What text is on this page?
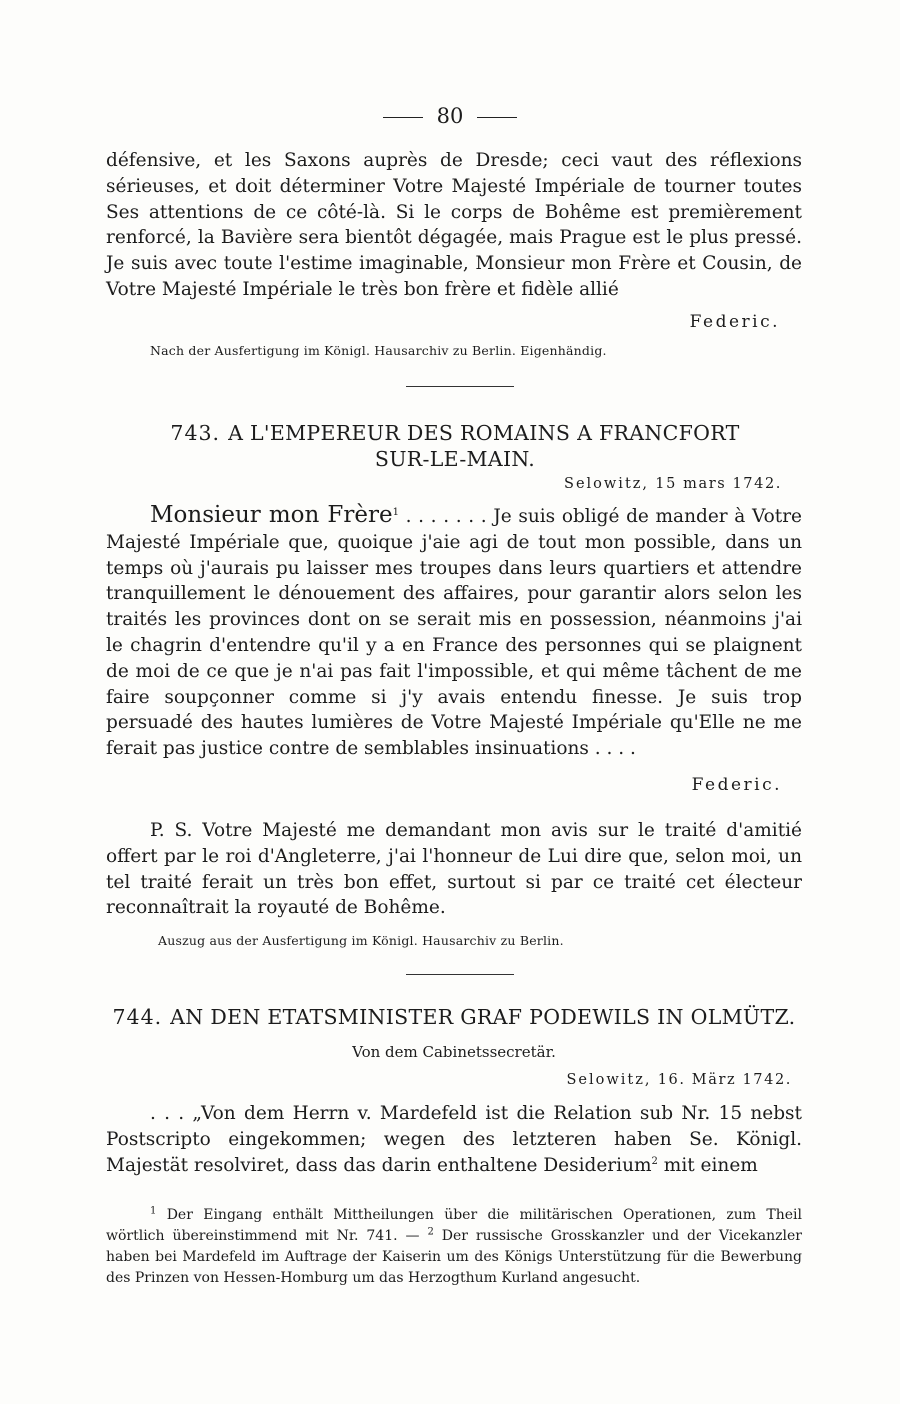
80

défensive, et les Saxons auprès de Dresde; ceci vaut des réflexions sérieuses, et doit déterminer Votre Majesté Impériale de tourner toutes Ses attentions de ce côté-là. Si le corps de Bohême est premièrement renforcé, la Bavière sera bientôt dégagée, mais Prague est le plus pressé. Je suis avec toute l'estime imaginable, Monsieur mon Frère et Cousin, de Votre Majesté Impériale le très bon frère et fidèle allié

Federic.
Nach der Ausfertigung im Königl. Hausarchiv zu Berlin. Eigenhändig.
743. A L'EMPEREUR DES ROMAINS A FRANCFORT
SUR-LE-MAIN.
Selowitz, 15 mars 1742.

Monsieur mon Frère$^1$ . . . . . . . Je suis obligé de mander à Votre Majesté Impériale que, quoique j'aie agi de tout mon possible, dans un temps où j'aurais pu laisser mes troupes dans leurs quartiers et attendre tranquillement le dénouement des affaires, pour garantir alors selon les traités les provinces dont on se serait mis en possession, néanmoins j'ai le chagrin d'entendre qu'il y a en France des personnes qui se plaignent de moi de ce que je n'ai pas fait l'impossible, et qui même tâchent de me faire soupçonner comme si j'y avais entendu finesse. Je suis trop persuadé des hautes lumières de Votre Majesté Impériale qu'Elle ne me ferait pas justice contre de semblables insinuations . . . .

Federic.

P. S. Votre Majesté me demandant mon avis sur le traité d'amitié offert par le roi d'Angleterre, j'ai l'honneur de Lui dire que, selon moi, un tel traité ferait un très bon effet, surtout si par ce traité cet électeur reconnaîtrait la royauté de Bohême.

Auszug aus der Ausfertigung im Königl. Hausarchiv zu Berlin.
744. AN DEN ETATSMINISTER GRAF PODEWILS IN OLMÜTZ.
Von dem Cabinetssecretär.
Selowitz, 16. März 1742.

. . . „Von dem Herrn v. Mardefeld ist die Relation sub Nr. 15 nebst Postscripto eingekommen; wegen des letzteren haben Se. Königl. Majestät resolviret, dass das darin enthaltene Desiderium$^2$ mit einem

$^1$ Der Eingang enthält Mittheilungen über die militärischen Operationen, zum Theil wörtlich übereinstimmend mit Nr. 741. — $^2$ Der russische Grosskanzler und der Vicekanzler haben bei Mardefeld im Auftrage der Kaiserin um des Königs Unterstützung für die Bewerbung des Prinzen von Hessen-Homburg um das Herzogthum Kurland angesucht.
